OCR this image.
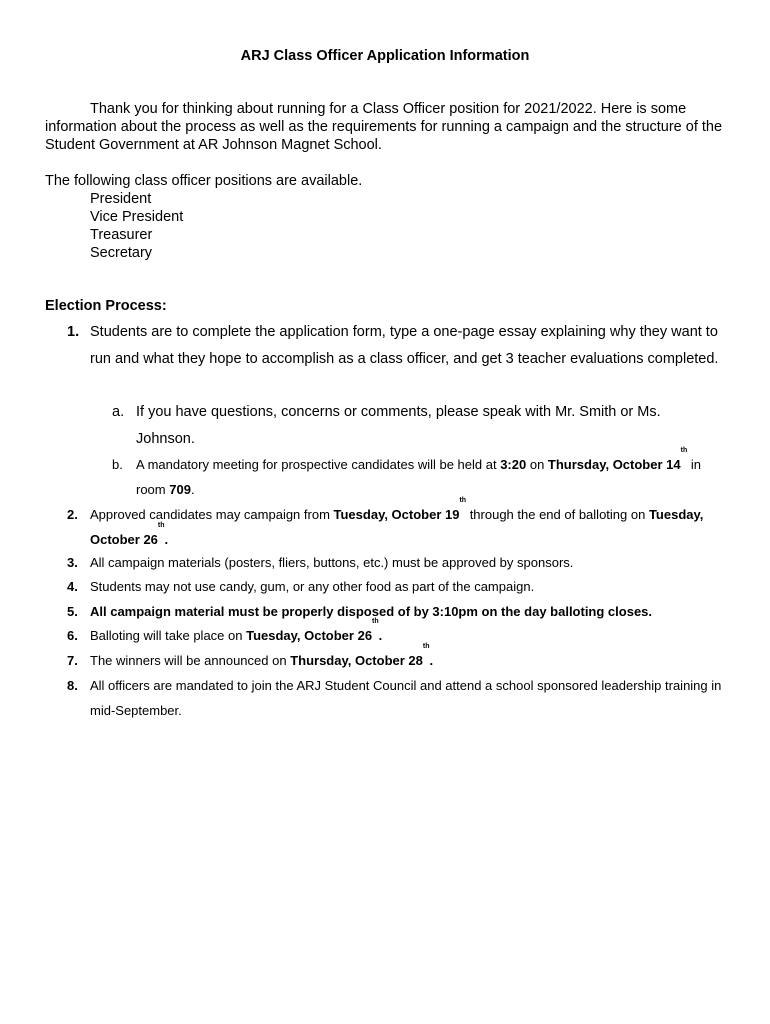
ARJ Class Officer Application Information
Thank you for thinking about running for a Class Officer position for 2021/2022. Here is some information about the process as well as the requirements for running a campaign and the structure of the Student Government at AR Johnson Magnet School.
The following class officer positions are available.
President
Vice President
Treasurer
Secretary
Election Process:
1. Students are to complete the application form, type a one-page essay explaining why they want to run and what they hope to accomplish as a class officer, and get 3 teacher evaluations completed.
a. If you have questions, concerns or comments, please speak with Mr. Smith or Ms. Johnson.
b. A mandatory meeting for prospective candidates will be held at 3:20 on Thursday, October 14th in room 709.
2. Approved candidates may campaign from Tuesday, October 19th through the end of balloting on Tuesday, October 26th.
3. All campaign materials (posters, fliers, buttons, etc.) must be approved by sponsors.
4. Students may not use candy, gum, or any other food as part of the campaign.
5. All campaign material must be properly disposed of by 3:10pm on the day balloting closes.
6. Balloting will take place on Tuesday, October 26th.
7. The winners will be announced on Thursday, October 28th.
8. All officers are mandated to join the ARJ Student Council and attend a school sponsored leadership training in mid-September.
